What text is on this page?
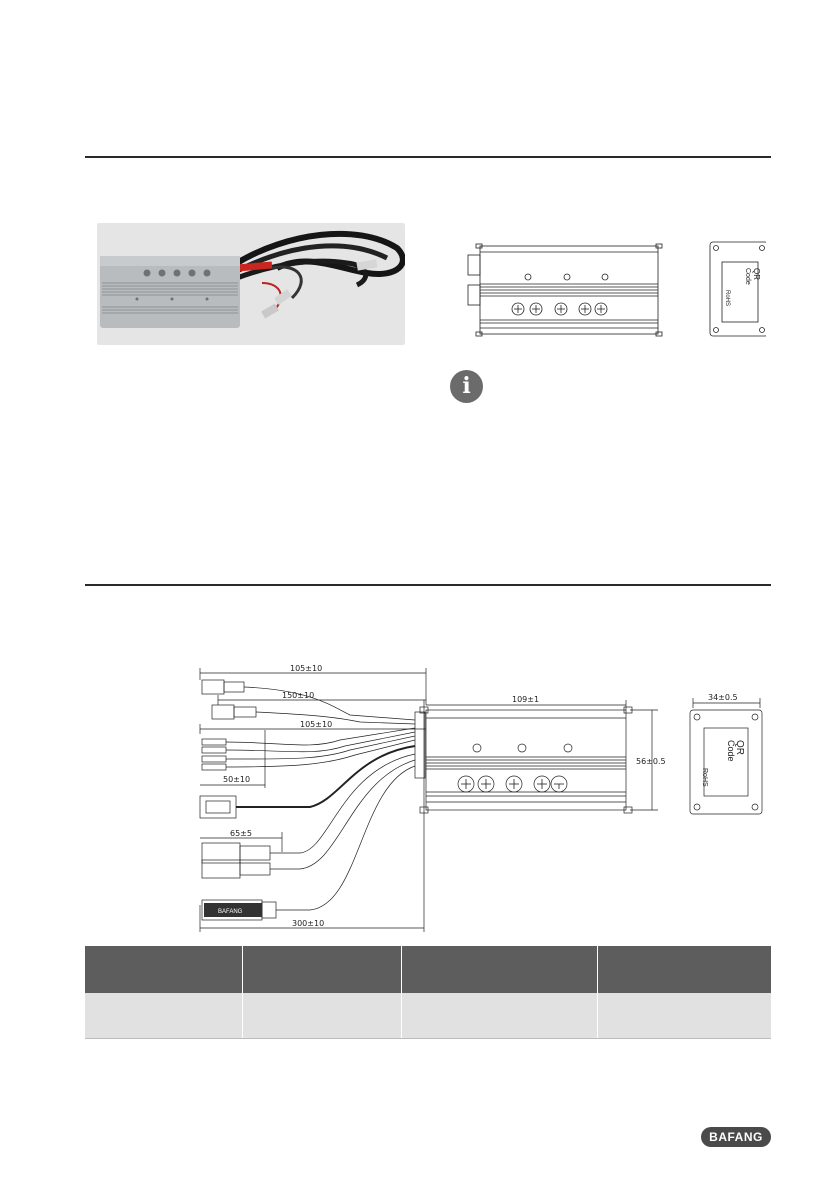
QR
Code
RoHS
i
BAFANG
105±10
150±10
105±10
50±10
65±5
300±10
109±1
56±0.5
34±0.5
QR
Code
RoHS

BAFANG
